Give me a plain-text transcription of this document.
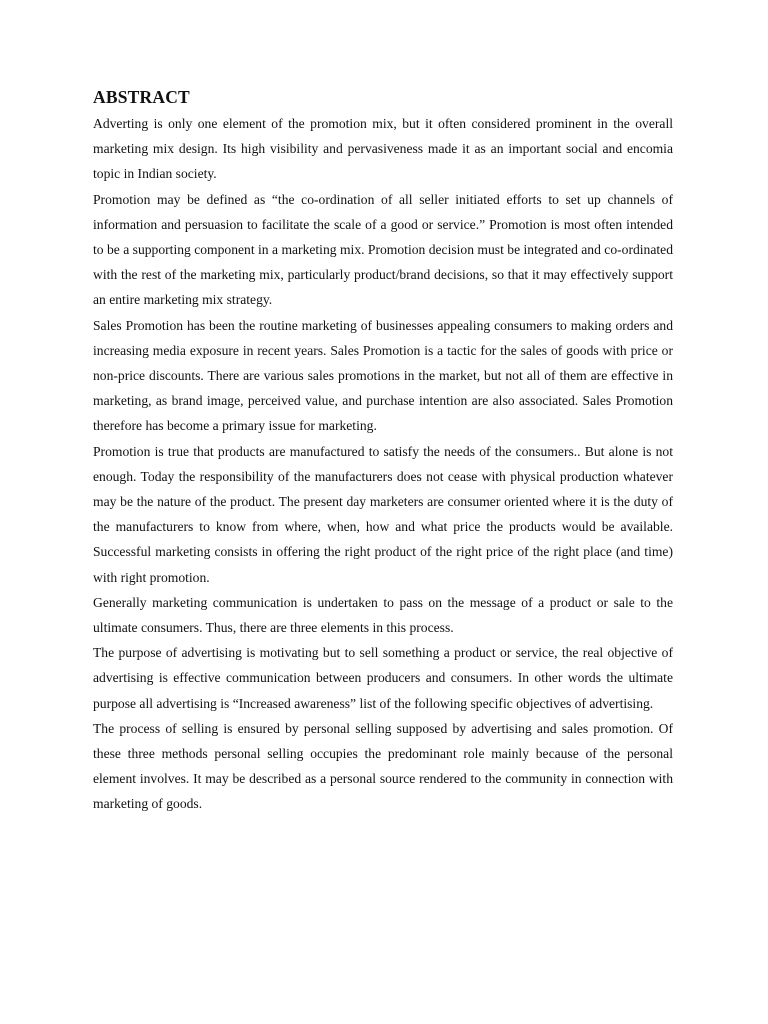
ABSTRACT

Adverting is only one element of the promotion mix, but it often considered prominent in the overall marketing mix design. Its high visibility and pervasiveness made it as an important social and encomia topic in Indian society.

Promotion may be defined as “the co-ordination of all seller initiated efforts to set up channels of information and persuasion to facilitate the scale of a good or service.” Promotion is most often intended to be a supporting component in a marketing mix. Promotion decision must be integrated and co-ordinated with the rest of the marketing mix, particularly product/brand decisions, so that it may effectively support an entire marketing mix strategy.

Sales Promotion has been the routine marketing of businesses appealing consumers to making orders and increasing media exposure in recent years. Sales Promotion is a tactic for the sales of goods with price or non-price discounts. There are various sales promotions in the market, but not all of them are effective in marketing, as brand image, perceived value, and purchase intention are also associated. Sales Promotion therefore has become a primary issue for marketing.

Promotion is true that products are manufactured to satisfy the needs of the consumers.. But alone is not enough. Today the responsibility of the manufacturers does not cease with physical production whatever may be the nature of the product. The present day marketers are consumer oriented where it is the duty of the manufacturers to know from where, when, how and what price the products would be available. Successful marketing consists in offering the right product of the right price of the right place (and time) with right promotion.

Generally marketing communication is undertaken to pass on the message of a product or sale to the ultimate consumers. Thus, there are three elements in this process.

The purpose of advertising is motivating but to sell something a product or service, the real objective of advertising is effective communication between producers and consumers. In other words the ultimate purpose all advertising is “Increased awareness” list of the following specific objectives of advertising.

The process of selling is ensured by personal selling supposed by advertising and sales promotion. Of these three methods personal selling occupies the predominant role mainly because of the personal element involves. It may be described as a personal source rendered to the community in connection with marketing of goods.
